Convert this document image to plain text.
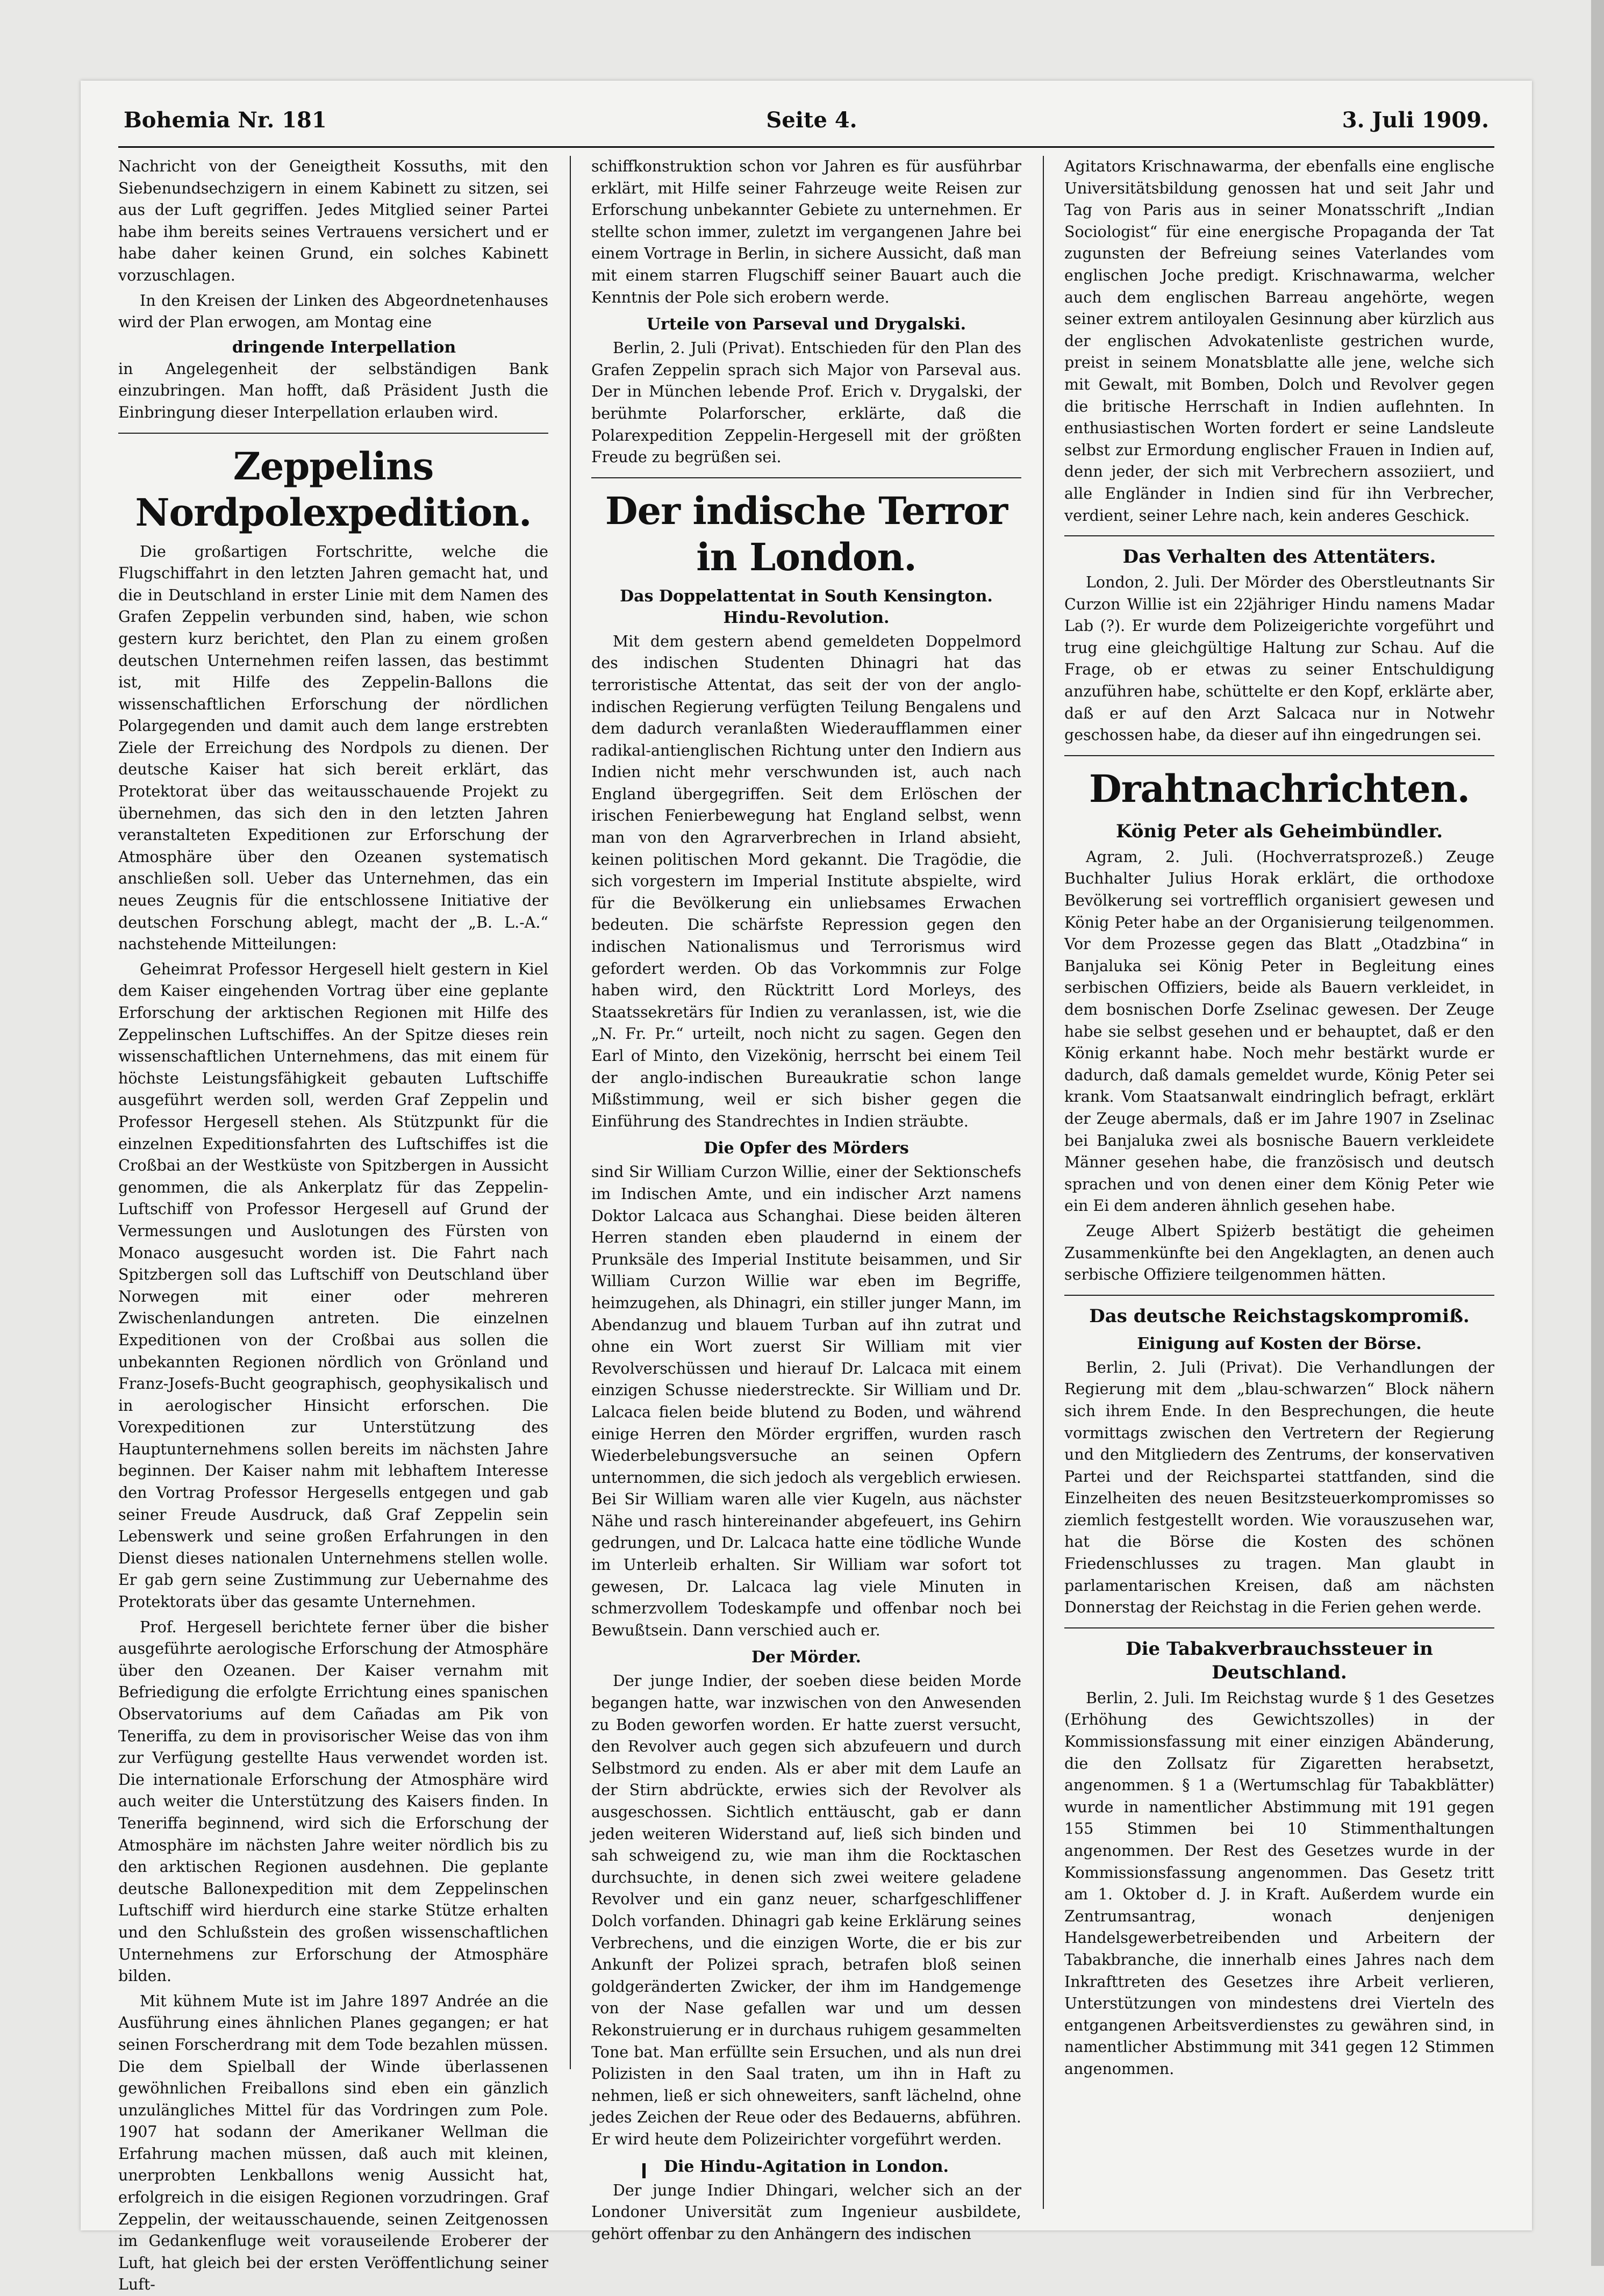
Bohemia Nr. 181	Seite 4.	3. Juli 1909.

Nachricht von der Geneigtheit Kossuths, mit den Siebenundsechzigern in einem Kabinett zu sitzen, sei aus der Luft gegriffen. Jedes Mitglied seiner Partei habe ihm bereits seines Vertrauens versichert und er habe daher keinen Grund, ein solches Kabinett vorzuschlagen.

In den Kreisen der Linken des Abgeordnetenhauses wird der Plan erwogen, am Montag eine

dringende Interpellation

in Angelegenheit der selbständigen Bank einzubringen. Man hofft, daß Präsident Justh die Einbringung dieser Interpellation erlauben wird.

Zeppelins Nordpolexpedition.

Die großartigen Fortschritte, welche die Flugschiffahrt in den letzten Jahren gemacht hat, und die in Deutschland in erster Linie mit dem Namen des Grafen Zeppelin verbunden sind, haben, wie schon gestern kurz berichtet, den Plan zu einem großen deutschen Unternehmen reifen lassen, das bestimmt ist, mit Hilfe des Zeppelin-Ballons die wissenschaftlichen Erforschung der nördlichen Polargegenden und damit auch dem lange erstrebten Ziele der Erreichung des Nordpols zu dienen. Der deutsche Kaiser hat sich bereit erklärt, das Protektorat über das weitausschauende Projekt zu übernehmen, das sich den in den letzten Jahren veranstalteten Expeditionen zur Erforschung der Atmosphäre über den Ozeanen systematisch anschließen soll. Ueber das Unternehmen, das ein neues Zeugnis für die entschlossene Initiative der deutschen Forschung ablegt, macht der „B. L.-A.“ nachstehende Mitteilungen:

Geheimrat Professor Hergesell hielt gestern in Kiel dem Kaiser eingehenden Vortrag über eine geplante Erforschung der arktischen Regionen mit Hilfe des Zeppelinschen Luftschiffes. An der Spitze dieses rein wissenschaftlichen Unternehmens, das mit einem für höchste Leistungsfähigkeit gebauten Luftschiffe ausgeführt werden soll, werden Graf Zeppelin und Professor Hergesell stehen. Als Stützpunkt für die einzelnen Expeditionsfahrten des Luftschiffes ist die Croßbai an der Westküste von Spitzbergen in Aussicht genommen, die als Ankerplatz für das Zeppelin-Luftschiff von Professor Hergesell auf Grund der Vermessungen und Auslotungen des Fürsten von Monaco ausgesucht worden ist. Die Fahrt nach Spitzbergen soll das Luftschiff von Deutschland über Norwegen mit einer oder mehreren Zwischenlandungen antreten. Die einzelnen Expeditionen von der Croßbai aus sollen die unbekannten Regionen nördlich von Grönland und Franz-Josefs-Bucht geographisch, geophysikalisch und in aerologischer Hinsicht erforschen. Die Vorexpeditionen zur Unterstützung des Hauptunternehmens sollen bereits im nächsten Jahre beginnen. Der Kaiser nahm mit lebhaftem Interesse den Vortrag Professor Hergesells entgegen und gab seiner Freude Ausdruck, daß Graf Zeppelin sein Lebenswerk und seine großen Erfahrungen in den Dienst dieses nationalen Unternehmens stellen wolle. Er gab gern seine Zustimmung zur Uebernahme des Protektorats über das gesamte Unternehmen.

Prof. Hergesell berichtete ferner über die bisher ausgeführte aerologische Erforschung der Atmosphäre über den Ozeanen. Der Kaiser vernahm mit Befriedigung die erfolgte Errichtung eines spanischen Observatoriums auf dem Cañadas am Pik von Teneriffa, zu dem in provisorischer Weise das von ihm zur Verfügung gestellte Haus verwendet worden ist. Die internationale Erforschung der Atmosphäre wird auch weiter die Unterstützung des Kaisers finden. In Teneriffa beginnend, wird sich die Erforschung der Atmosphäre im nächsten Jahre weiter nördlich bis zu den arktischen Regionen ausdehnen. Die geplante deutsche Ballonexpedition mit dem Zeppelinschen Luftschiff wird hierdurch eine starke Stütze erhalten und den Schlußstein des großen wissenschaftlichen Unternehmens zur Erforschung der Atmosphäre bilden.

Mit kühnem Mute ist im Jahre 1897 Andrée an die Ausführung eines ähnlichen Planes gegangen; er hat seinen Forscherdrang mit dem Tode bezahlen müssen. Die dem Spielball der Winde überlassenen gewöhnlichen Freiballons sind eben ein gänzlich unzulängliches Mittel für das Vordringen zum Pole. 1907 hat sodann der Amerikaner Wellman die Erfahrung machen müssen, daß auch mit kleinen, unerprobten Lenkballons wenig Aussicht hat, erfolgreich in die eisigen Regionen vorzudringen. Graf Zeppelin, der weitausschauende, seinen Zeitgenossen im Gedankenfluge weit vorauseilende Eroberer der Luft, hat gleich bei der ersten Veröffentlichung seiner Luft-

schiffkonstruktion schon vor Jahren es für ausführbar erklärt, mit Hilfe seiner Fahrzeuge weite Reisen zur Erforschung unbekannter Gebiete zu unternehmen. Er stellte schon immer, zuletzt im vergangenen Jahre bei einem Vortrage in Berlin, in sichere Aussicht, daß man mit einem starren Flugschiff seiner Bauart auch die Kenntnis der Pole sich erobern werde.

Urteile von Parseval und Drygalski.

Berlin, 2. Juli (Privat). Entschieden für den Plan des Grafen Zeppelin sprach sich Major von Parseval aus. Der in München lebende Prof. Erich v. Drygalski, der berühmte Polarforscher, erklärte, daß die Polarexpedition Zeppelin-Hergesell mit der größten Freude zu begrüßen sei.

Der indische Terror in London.
Das Doppelattentat in South Kensington. Hindu-Revolution.

Mit dem gestern abend gemeldeten Doppelmord des indischen Studenten Dhinagri hat das terroristische Attentat, das seit der von der anglo-indischen Regierung verfügten Teilung Bengalens und dem dadurch veranlaßten Wiederaufflammen einer radikal-antienglischen Richtung unter den Indiern aus Indien nicht mehr verschwunden ist, auch nach England übergegriffen. Seit dem Erlöschen der irischen Fenierbewegung hat England selbst, wenn man von den Agrarverbrechen in Irland absieht, keinen politischen Mord gekannt. Die Tragödie, die sich vorgestern im Imperial Institute abspielte, wird für die Bevölkerung ein unliebsames Erwachen bedeuten. Die schärfste Repression gegen den indischen Nationalismus und Terrorismus wird gefordert werden. Ob das Vorkommnis zur Folge haben wird, den Rücktritt Lord Morleys, des Staatssekretärs für Indien zu veranlassen, ist, wie die „N. Fr. Pr.“ urteilt, noch nicht zu sagen. Gegen den Earl of Minto, den Vizekönig, herrscht bei einem Teil der anglo-indischen Bureaukratie schon lange Mißstimmung, weil er sich bisher gegen die Einführung des Standrechtes in Indien sträubte.

Die Opfer des Mörders

sind Sir William Curzon Willie, einer der Sektionschefs im Indischen Amte, und ein indischer Arzt namens Doktor Lalcaca aus Schanghai. Diese beiden älteren Herren standen eben plaudernd in einem der Prunksäle des Imperial Institute beisammen, und Sir William Curzon Willie war eben im Begriffe, heimzugehen, als Dhinagri, ein stiller junger Mann, im Abendanzug und blauem Turban auf ihn zutrat und ohne ein Wort zuerst Sir William mit vier Revolverschüssen und hierauf Dr. Lalcaca mit einem einzigen Schusse niederstreckte. Sir William und Dr. Lalcaca fielen beide blutend zu Boden, und während einige Herren den Mörder ergriffen, wurden rasch Wiederbelebungsversuche an seinen Opfern unternommen, die sich jedoch als vergeblich erwiesen. Bei Sir William waren alle vier Kugeln, aus nächster Nähe und rasch hintereinander abgefeuert, ins Gehirn gedrungen, und Dr. Lalcaca hatte eine tödliche Wunde im Unterleib erhalten. Sir William war sofort tot gewesen, Dr. Lalcaca lag viele Minuten in schmerzvollem Todeskampfe und offenbar noch bei Bewußtsein. Dann verschied auch er.

Der Mörder.

Der junge Indier, der soeben diese beiden Morde begangen hatte, war inzwischen von den Anwesenden zu Boden geworfen worden. Er hatte zuerst versucht, den Revolver auch gegen sich abzufeuern und durch Selbstmord zu enden. Als er aber mit dem Laufe an der Stirn abdrückte, erwies sich der Revolver als ausgeschossen. Sichtlich enttäuscht, gab er dann jeden weiteren Widerstand auf, ließ sich binden und sah schweigend zu, wie man ihm die Rocktaschen durchsuchte, in denen sich zwei weitere geladene Revolver und ein ganz neuer, scharfgeschliffener Dolch vorfanden. Dhinagri gab keine Erklärung seines Verbrechens, und die einzigen Worte, die er bis zur Ankunft der Polizei sprach, betrafen bloß seinen goldgeränderten Zwicker, der ihm im Handgemenge von der Nase gefallen war und um dessen Rekonstruierung er in durchaus ruhigem gesammelten Tone bat. Man erfüllte sein Ersuchen, und als nun drei Polizisten in den Saal traten, um ihn in Haft zu nehmen, ließ er sich ohneweiters, sanft lächelnd, ohne jedes Zeichen der Reue oder des Bedauerns, abführen. Er wird heute dem Polizeirichter vorgeführt werden.

Die Hindu-Agitation in London.

Der junge Indier Dhingari, welcher sich an der Londoner Universität zum Ingenieur ausbildete, gehört offenbar zu den Anhängern des indischen

Agitators Krischnawarma, der ebenfalls eine englische Universitätsbildung genossen hat und seit Jahr und Tag von Paris aus in seiner Monatsschrift „Indian Sociologist“ für eine energische Propaganda der Tat zugunsten der Befreiung seines Vaterlandes vom englischen Joche predigt. Krischnawarma, welcher auch dem englischen Barreau angehörte, wegen seiner extrem antiloyalen Gesinnung aber kürzlich aus der englischen Advokatenliste gestrichen wurde, preist in seinem Monatsblatte alle jene, welche sich mit Gewalt, mit Bomben, Dolch und Revolver gegen die britische Herrschaft in Indien auflehnten. In enthusiastischen Worten fordert er seine Landsleute selbst zur Ermordung englischer Frauen in Indien auf, denn jeder, der sich mit Verbrechern assoziiert, und alle Engländer in Indien sind für ihn Verbrecher, verdient, seiner Lehre nach, kein anderes Geschick.

Das Verhalten des Attentäters.

London, 2. Juli. Der Mörder des Oberstleutnants Sir Curzon Willie ist ein 22jähriger Hindu namens Madar Lab (?). Er wurde dem Polizeigerichte vorgeführt und trug eine gleichgültige Haltung zur Schau. Auf die Frage, ob er etwas zu seiner Entschuldigung anzuführen habe, schüttelte er den Kopf, erklärte aber, daß er auf den Arzt Salcaca nur in Notwehr geschossen habe, da dieser auf ihn eingedrungen sei.

Drahtnachrichten.
König Peter als Geheimbündler.

Agram, 2. Juli. (Hochverratsprozeß.) Zeuge Buchhalter Julius Horak erklärt, die orthodoxe Bevölkerung sei vortrefflich organisiert gewesen und König Peter habe an der Organisierung teilgenommen. Vor dem Prozesse gegen das Blatt „Otadzbina“ in Banjaluka sei König Peter in Begleitung eines serbischen Offiziers, beide als Bauern verkleidet, in dem bosnischen Dorfe Zselinac gewesen. Der Zeuge habe sie selbst gesehen und er behauptet, daß er den König erkannt habe. Noch mehr bestärkt wurde er dadurch, daß damals gemeldet wurde, König Peter sei krank. Vom Staatsanwalt eindringlich befragt, erklärt der Zeuge abermals, daß er im Jahre 1907 in Zselinac bei Banjaluka zwei als bosnische Bauern verkleidete Männer gesehen habe, die französisch und deutsch sprachen und von denen einer dem König Peter wie ein Ei dem anderen ähnlich gesehen habe.

Zeuge Albert Spiżerb bestätigt die geheimen Zusammenkünfte bei den Angeklagten, an denen auch serbische Offiziere teilgenommen hätten.

Das deutsche Reichstagskompromiß.
Einigung auf Kosten der Börse.

Berlin, 2. Juli (Privat). Die Verhandlungen der Regierung mit dem „blau-schwarzen“ Block nähern sich ihrem Ende. In den Besprechungen, die heute vormittags zwischen den Vertretern der Regierung und den Mitgliedern des Zentrums, der konservativen Partei und der Reichspartei stattfanden, sind die Einzelheiten des neuen Besitzsteuerkompromisses so ziemlich festgestellt worden. Wie vorauszusehen war, hat die Börse die Kosten des schönen Friedenschlusses zu tragen. Man glaubt in parlamentarischen Kreisen, daß am nächsten Donnerstag der Reichstag in die Ferien gehen werde.

Die Tabakverbrauchssteuer in Deutschland.

Berlin, 2. Juli. Im Reichstag wurde § 1 des Gesetzes (Erhöhung des Gewichtszolles) in der Kommissionsfassung mit einer einzigen Abänderung, die den Zollsatz für Zigaretten herabsetzt, angenommen. § 1 a (Wertumschlag für Tabakblätter) wurde in namentlicher Abstimmung mit 191 gegen 155 Stimmen bei 10 Stimmenthaltungen angenommen. Der Rest des Gesetzes wurde in der Kommissionsfassung angenommen. Das Gesetz tritt am 1. Oktober d. J. in Kraft. Außerdem wurde ein Zentrumsantrag, wonach denjenigen Handelsgewerbetreibenden und Arbeitern der Tabakbranche, die innerhalb eines Jahres nach dem Inkrafttreten des Gesetzes ihre Arbeit verlieren, Unterstützungen von mindestens drei Vierteln des entgangenen Arbeitsverdienstes zu gewähren sind, in namentlicher Abstimmung mit 341 gegen 12 Stimmen angenommen.
